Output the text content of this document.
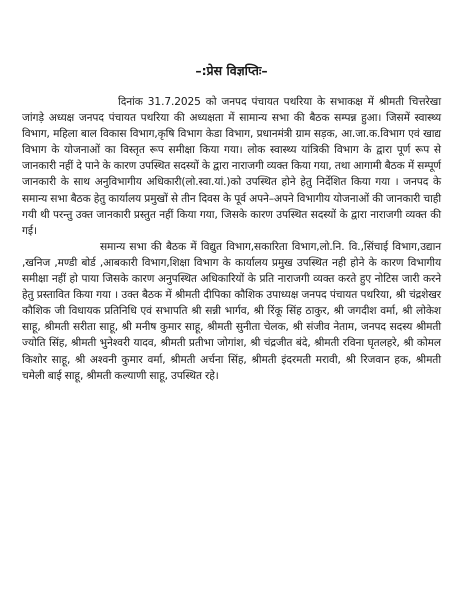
–:प्रेस विज्ञप्तिः–

दिनांक 31.7.2025 को जनपद पंचायत पथरिया के सभाकक्ष में श्रीमती चित्तरेखा जांगड़े अध्यक्ष जनपद पंचायत पथरिया की अध्यक्षता में सामान्य सभा की बैठक सम्पन्न हुआ। जिसमें स्वास्थ्य विभाग, महिला बाल विकास विभाग,कृषि विभाग केडा विभाग, प्रधानमंत्री ग्राम सड़क, आ.जा.क.विभाग एवं खाद्य विभाग के योजनाओं का विस्तृत रूप समीक्षा किया गया। लोक स्वास्थ्य यांत्रिकी विभाग के द्वारा पूर्ण रूप से जानकारी नहीं दे पाने के कारण उपस्थित सदस्यों के द्वारा नाराजगी व्यक्त किया गया, तथा आगामी बैठक में सम्पूर्ण जानकारी के साथ अनुविभागीय अधिकारी(लो.स्वा.यां.)को उपस्थित होने हेतु निर्देशित किया गया । जनपद के समान्य सभा बैठक हेतु कार्यालय प्रमुखों से तीन दिवस के पूर्व अपने–अपने विभागीय योजनाओं की जानकारी चाही गयी थी परन्तु उक्त जानकारी प्रस्तुत नहीं किया गया, जिसके कारण उपस्थित सदस्यों के द्वारा नाराजगी व्यक्त की गई।

समान्य सभा की बैठक में विद्युत विभाग,सकारिता विभाग,लो.नि. वि.,सिंचाई विभाग,उद्यान ,खनिज ,मण्डी बोर्ड ,आबकारी विभाग,शिक्षा विभाग के कार्यालय प्रमुख उपस्थित नही होने के कारण विभागीय समीक्षा नहीं हो पाया जिसके कारण अनुपस्थित अधिकारियों के प्रति नाराजगी व्यक्त करते हुए नोटिस जारी करने हेतु प्रस्तावित किया गया । उक्त बैठक में श्रीमती दीपिका कौशिक उपाध्यक्ष जनपद पंचायत पथरिया, श्री चंद्रशेखर कौशिक जी विधायक प्रतिनिधि एवं सभापति श्री सन्नी भार्गव, श्री रिंकू सिंह ठाकुर, श्री जगदीश वर्मा, श्री लोकेश साहू, श्रीमती सरीता साहू, श्री मनीष कुमार साहू, श्रीमती सुनीता चेलक, श्री संजीव नेताम, जनपद सदस्य श्रीमती ज्योति सिंह, श्रीमती भुनेश्वरी यादव, श्रीमती प्रतीभा जोगांश, श्री चंद्रजीत बंदे, श्रीमती रविना घृतलहरे, श्री कोमल किशोर साहू, श्री अश्वनी कुमार वर्मा, श्रीमती अर्चना सिंह, श्रीमती इंदरमती मरावी, श्री रिजवान हक, श्रीमती चमेली बाई साहू, श्रीमती कल्याणी साहू, उपस्थित रहे।
